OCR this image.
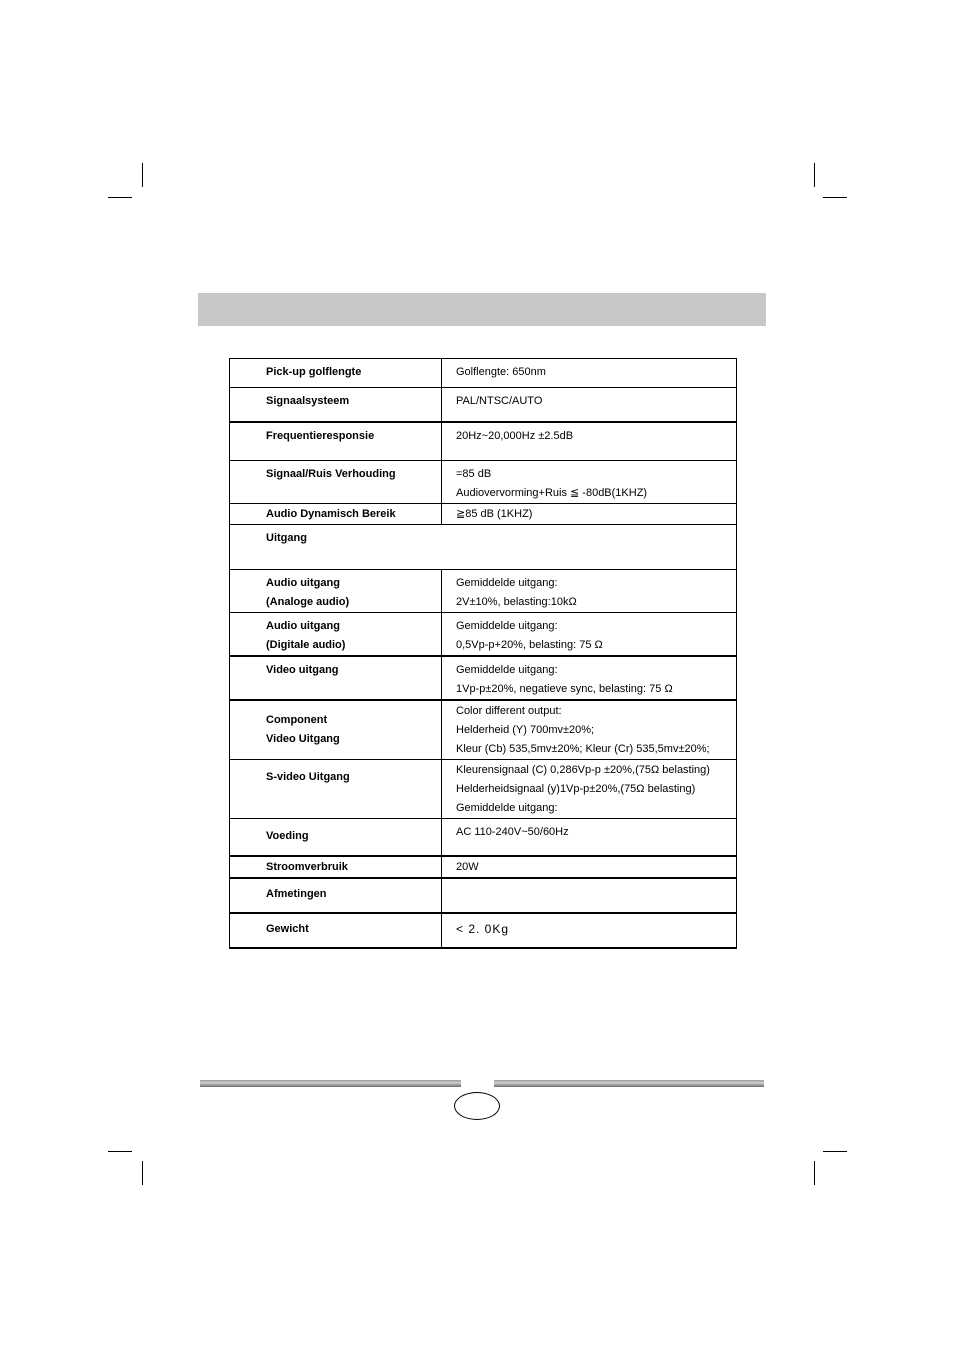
Pick-up golflengte	Golflengte: 650nm

Signaalsysteem	PAL/NTSC/AUTO

Frequentieresponsie	20Hz~20,000Hz ±2.5dB

Signaal/Ruis Verhouding	=85 dB
Audiovervorming+Ruis ≦ -80dB(1KHZ)

Audio Dynamisch Bereik	≧85 dB (1KHZ)

Uitgang	

Audio uitgang
(Analoge audio)	Gemiddelde uitgang:
2V±10%, belasting:10kΩ

Audio uitgang
(Digitale audio)	Gemiddelde uitgang:
0,5Vp-p+20%, belasting: 75 Ω

Video uitgang	Gemiddelde uitgang:
1Vp-p±20%, negatieve sync, belasting: 75 Ω

Component
Video Uitgang	Color different output:
Helderheid (Y) 700mv±20%;
Kleur (Cb) 535,5mv±20%; Kleur (Cr) 535,5mv±20%;

S-video Uitgang	Kleurensignaal (C) 0,286Vp-p ±20%,(75Ω belasting)
Helderheidsignaal (y)1Vp-p±20%,(75Ω belasting)
Gemiddelde uitgang:

Voeding	AC 110-240V~50/60Hz

Stroomverbruik	20W

Afmetingen	

Gewicht	< 2. 0Kg
